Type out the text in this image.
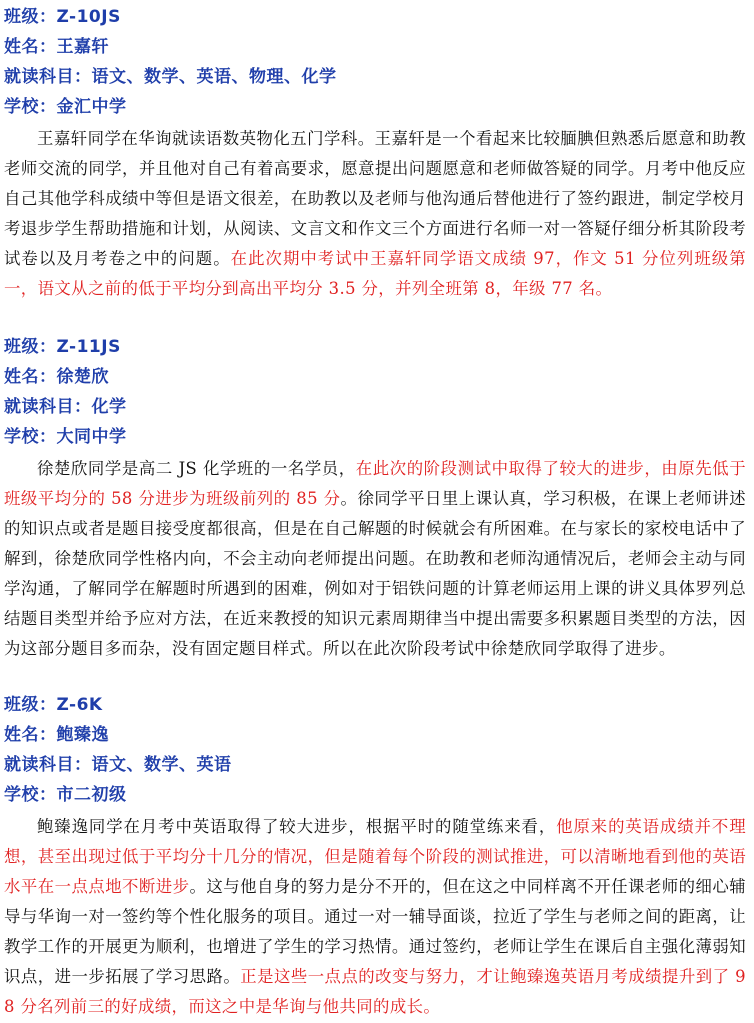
班级：Z-10JS
姓名：王嘉轩
就读科目：语文、数学、英语、物理、化学
学校：金汇中学

王嘉轩同学在华询就读语数英物化五门学科。王嘉轩是一个看起来比较腼腆但熟悉后愿意和助教老师交流的同学，并且他对自己有着高要求，愿意提出问题愿意和老师做答疑的同学。月考中他反应自己其他学科成绩中等但是语文很差，在助教以及老师与他沟通后替他进行了签约跟进，制定学校月考退步学生帮助措施和计划，从阅读、文言文和作文三个方面进行名师一对一答疑仔细分析其阶段考试卷以及月考卷之中的问题。在此次期中考试中王嘉轩同学语文成绩 97，作文 51 分位列班级第一，语文从之前的低于平均分到高出平均分 3.5 分，并列全班第 8，年级 77 名。

班级：Z-11JS
姓名：徐楚欣
就读科目：化学
学校：大同中学

徐楚欣同学是高二 JS 化学班的一名学员，在此次的阶段测试中取得了较大的进步，由原先低于班级平均分的 58 分进步为班级前列的 85 分。徐同学平日里上课认真，学习积极，在课上老师讲述的知识点或者是题目接受度都很高，但是在自己解题的时候就会有所困难。在与家长的家校电话中了解到，徐楚欣同学性格内向，不会主动向老师提出问题。在助教和老师沟通情况后，老师会主动与同学沟通，了解同学在解题时所遇到的困难，例如对于铝铁问题的计算老师运用上课的讲义具体罗列总结题目类型并给予应对方法，在近来教授的知识元素周期律当中提出需要多积累题目类型的方法，因为这部分题目多而杂，没有固定题目样式。所以在此次阶段考试中徐楚欣同学取得了进步。

班级：Z-6K
姓名：鲍臻逸
就读科目：语文、数学、英语
学校：市二初级

鲍臻逸同学在月考中英语取得了较大进步，根据平时的随堂练来看，他原来的英语成绩并不理想，甚至出现过低于平均分十几分的情况，但是随着每个阶段的测试推进，可以清晰地看到他的英语水平在一点点地不断进步。这与他自身的努力是分不开的，但在这之中同样离不开任课老师的细心辅导与华询一对一签约等个性化服务的项目。通过一对一辅导面谈，拉近了学生与老师之间的距离，让教学工作的开展更为顺利，也增进了学生的学习热情。通过签约，老师让学生在课后自主强化薄弱知识点，进一步拓展了学习思路。正是这些一点点的改变与努力，才让鲍臻逸英语月考成绩提升到了 98 分名列前三的好成绩，而这之中是华询与他共同的成长。
